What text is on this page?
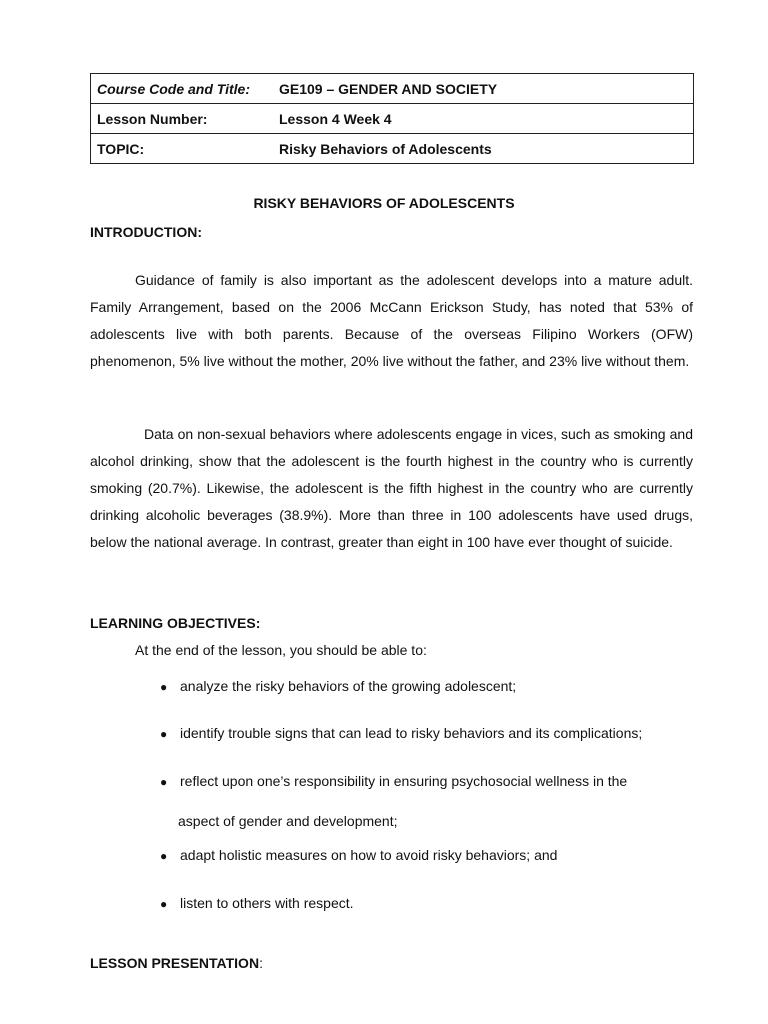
Course Code and Title:	GE109 – GENDER AND SOCIETY

Lesson Number:	Lesson 4 Week 4

TOPIC:	Risky Behaviors of Adolescents
RISKY BEHAVIORS OF ADOLESCENTS
INTRODUCTION:

Guidance of family is also important as the adolescent develops into a mature adult. Family Arrangement, based on the 2006 McCann Erickson Study, has noted that 53% of adolescents live with both parents. Because of the overseas Filipino Workers (OFW) phenomenon, 5% live without the mother, 20% live without the father, and 23% live without them.

Data on non-sexual behaviors where adolescents engage in vices, such as smoking and alcohol drinking, show that the adolescent is the fourth highest in the country who is currently smoking (20.7%). Likewise, the adolescent is the fifth highest in the country who are currently drinking alcoholic beverages (38.9%). More than three in 100 adolescents have used drugs, below the national average. In contrast, greater than eight in 100 have ever thought of suicide.

LEARNING OBJECTIVES:

At the end of the lesson, you should be able to:

● analyze the risky behaviors of the growing adolescent;
● identify trouble signs that can lead to risky behaviors and its complications;
● reflect upon one’s responsibility in ensuring psychosocial wellness in the
aspect of gender and development;
● adapt holistic measures on how to avoid risky behaviors; and
● listen to others with respect.
LESSON PRESENTATION:
